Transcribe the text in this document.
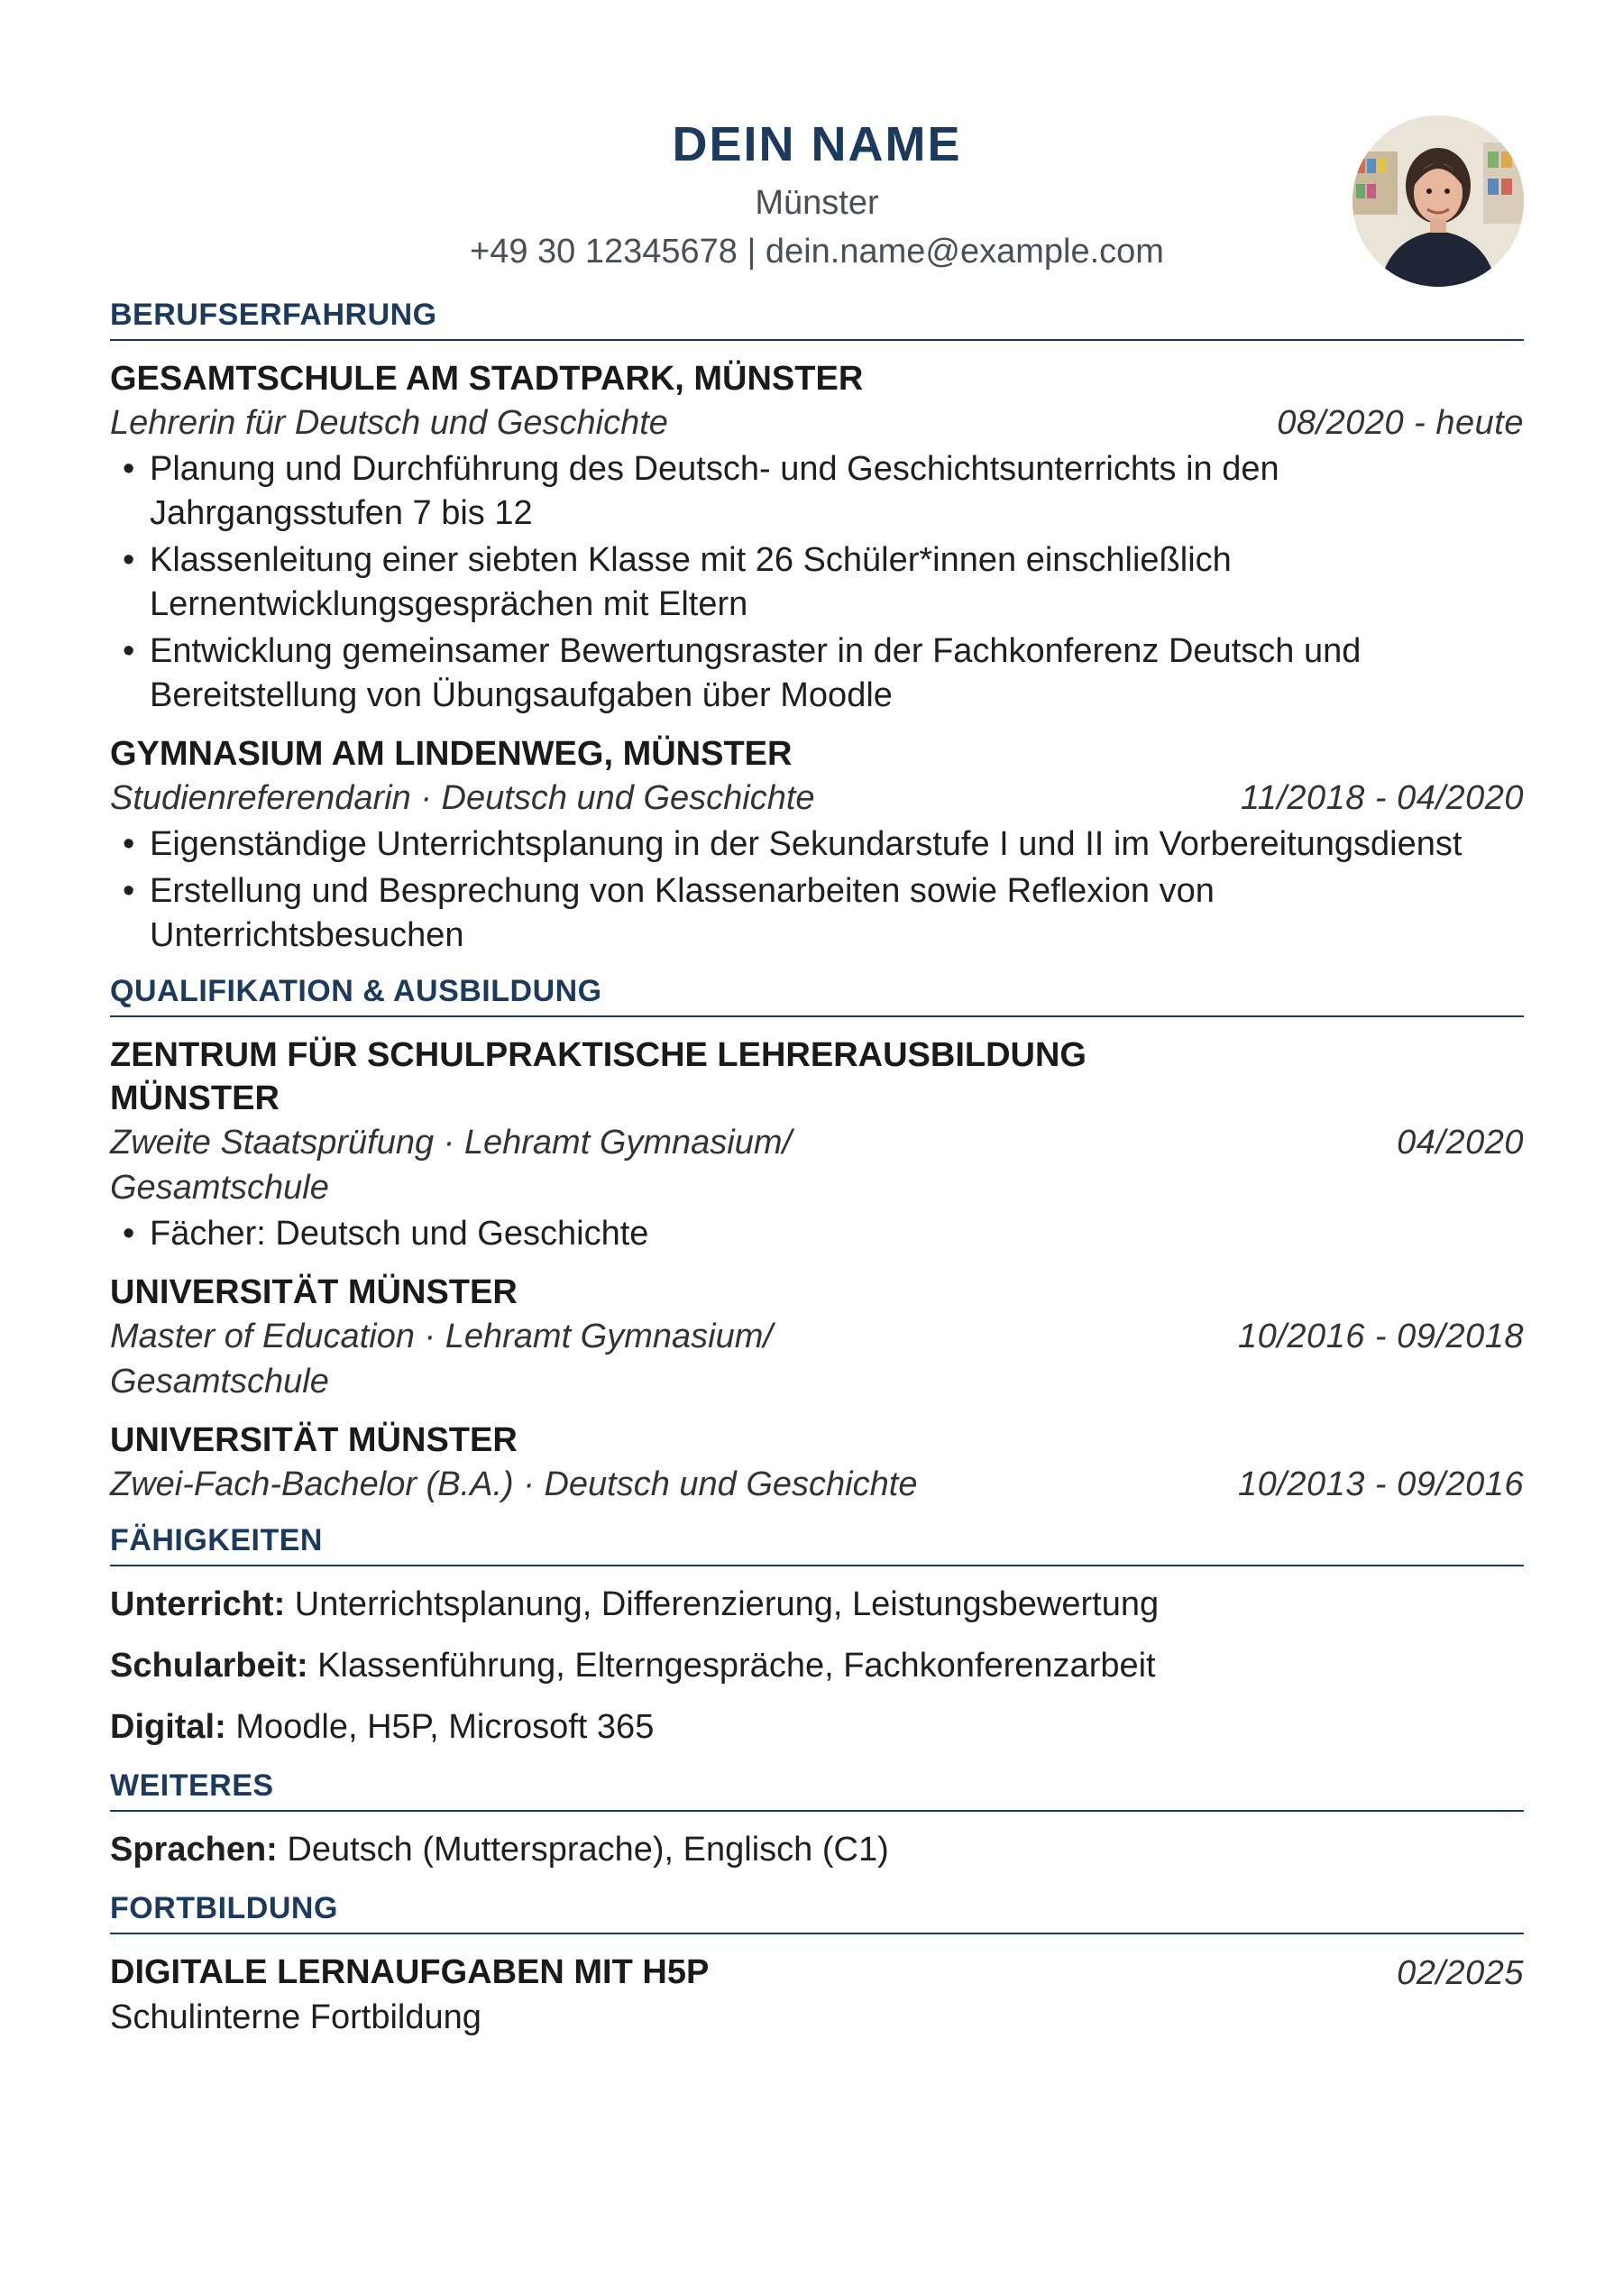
DEIN NAME
Münster
+49 30 12345678 | dein.name@example.com
BERUFSERFAHRUNG
GESAMTSCHULE AM STADTPARK, MÜNSTER
Lehrerin für Deutsch und Geschichte	08/2020 - heute
• Planung und Durchführung des Deutsch- und Geschichtsunterrichts in den Jahrgangsstufen 7 bis 12
• Klassenleitung einer siebten Klasse mit 26 Schüler*innen einschließlich Lernentwicklungsgesprächen mit Eltern
• Entwicklung gemeinsamer Bewertungsraster in der Fachkonferenz Deutsch und Bereitstellung von Übungsaufgaben über Moodle
GYMNASIUM AM LINDENWEG, MÜNSTER
Studienreferendarin · Deutsch und Geschichte	11/2018 - 04/2020
• Eigenständige Unterrichtsplanung in der Sekundarstufe I und II im Vorbereitungsdienst
• Erstellung und Besprechung von Klassenarbeiten sowie Reflexion von Unterrichtsbesuchen
QUALIFIKATION & AUSBILDUNG
ZENTRUM FÜR SCHULPRAKTISCHE LEHRERAUSBILDUNG MÜNSTER
Zweite Staatsprüfung · Lehramt Gymnasium/ Gesamtschule
04/2020
• Fächer: Deutsch und Geschichte
UNIVERSITÄT MÜNSTER
Master of Education · Lehramt Gymnasium/ Gesamtschule
10/2016 - 09/2018
UNIVERSITÄT MÜNSTER
Zwei-Fach-Bachelor (B.A.) · Deutsch und Geschichte	10/2013 - 09/2016
FÄHIGKEITEN
Unterricht: Unterrichtsplanung, Differenzierung, Leistungsbewertung
Schularbeit: Klassenführung, Elterngespräche, Fachkonferenzarbeit
Digital: Moodle, H5P, Microsoft 365
WEITERES
Sprachen: Deutsch (Muttersprache), Englisch (C1)
FORTBILDUNG
DIGITALE LERNAUFGABEN MIT H5P	02/2025
Schulinterne Fortbildung
